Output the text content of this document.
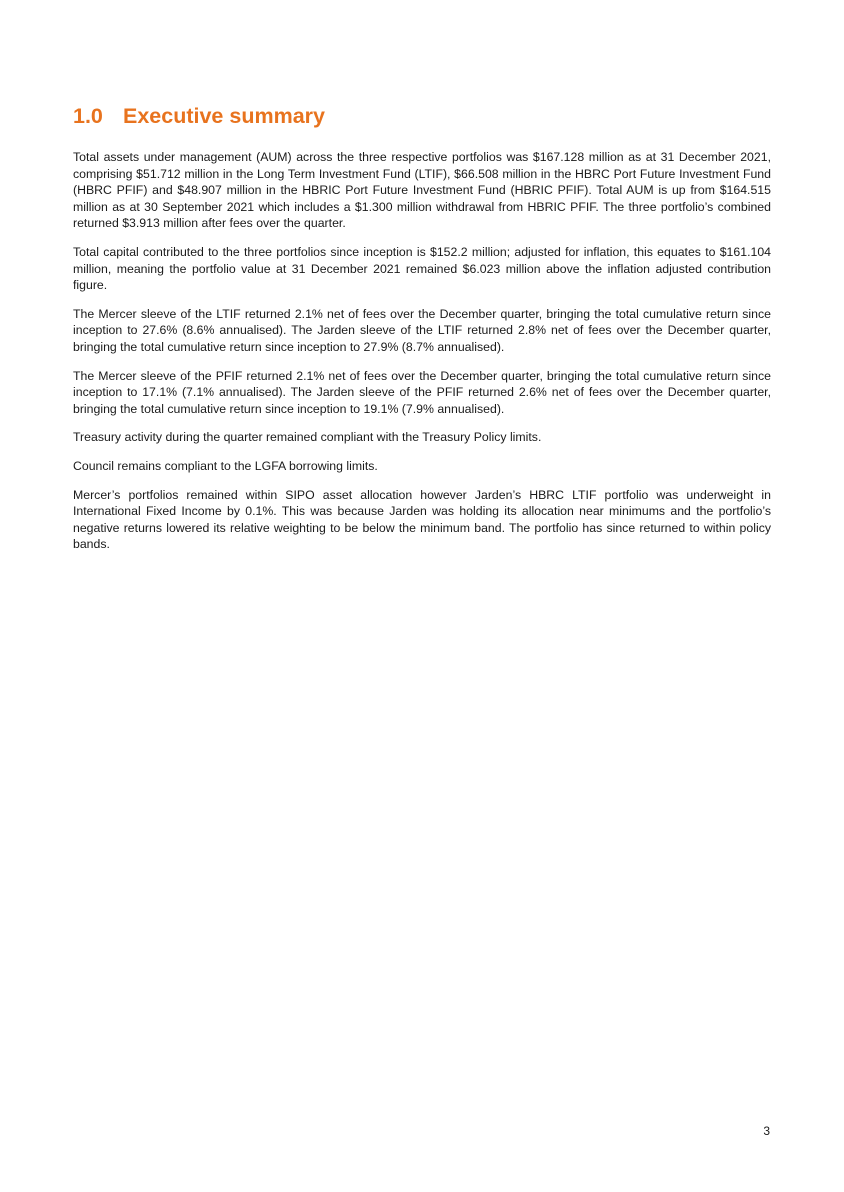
1.0 Executive summary

Total assets under management (AUM) across the three respective portfolios was $167.128 million as at 31 December 2021, comprising $51.712 million in the Long Term Investment Fund (LTIF), $66.508 million in the HBRC Port Future Investment Fund (HBRC PFIF) and $48.907 million in the HBRIC Port Future Investment Fund (HBRIC PFIF). Total AUM is up from $164.515 million as at 30 September 2021 which includes a $1.300 million withdrawal from HBRIC PFIF. The three portfolio’s combined returned $3.913 million after fees over the quarter.

Total capital contributed to the three portfolios since inception is $152.2 million; adjusted for inflation, this equates to $161.104 million, meaning the portfolio value at 31 December 2021 remained $6.023 million above the inflation adjusted contribution figure.

The Mercer sleeve of the LTIF returned 2.1% net of fees over the December quarter, bringing the total cumulative return since inception to 27.6% (8.6% annualised). The Jarden sleeve of the LTIF returned 2.8% net of fees over the December quarter, bringing the total cumulative return since inception to 27.9% (8.7% annualised).

The Mercer sleeve of the PFIF returned 2.1% net of fees over the December quarter, bringing the total cumulative return since inception to 17.1% (7.1% annualised). The Jarden sleeve of the PFIF returned 2.6% net of fees over the December quarter, bringing the total cumulative return since inception to 19.1% (7.9% annualised).

Treasury activity during the quarter remained compliant with the Treasury Policy limits.

Council remains compliant to the LGFA borrowing limits.

Mercer’s portfolios remained within SIPO asset allocation however Jarden’s HBRC LTIF portfolio was underweight in International Fixed Income by 0.1%. This was because Jarden was holding its allocation near minimums and the portfolio’s negative returns lowered its relative weighting to be below the minimum band. The portfolio has since returned to within policy bands.

3
